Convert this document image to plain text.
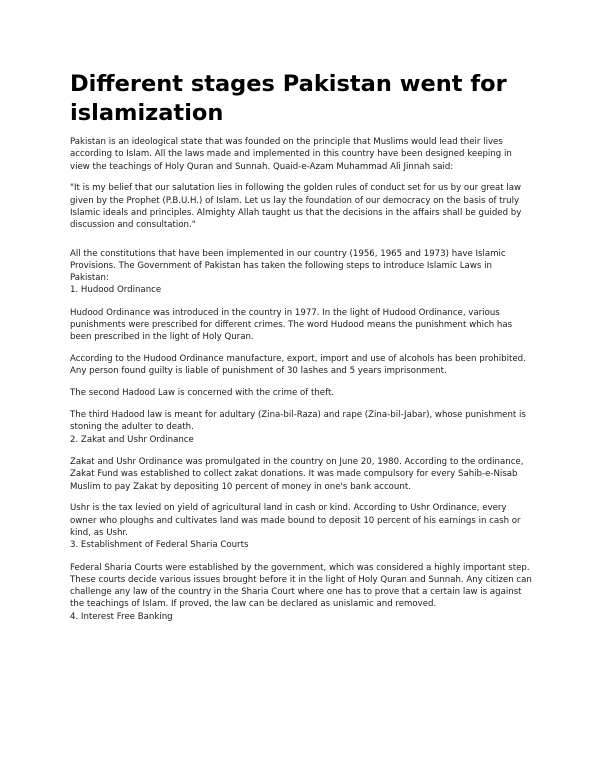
Different stages Pakistan went for islamization

Pakistan is an ideological state that was founded on the principle that Muslims would lead their lives according to Islam. All the laws made and implemented in this country have been designed keeping in view the teachings of Holy Quran and Sunnah. Quaid-e-Azam Muhammad Ali Jinnah said:

"It is my belief that our salutation lies in following the golden rules of conduct set for us by our great law given by the Prophet (P.B.U.H.) of Islam. Let us lay the foundation of our democracy on the basis of truly Islamic ideals and principles. Almighty Allah taught us that the decisions in the affairs shall be guided by discussion and consultation."

All the constitutions that have been implemented in our country (1956, 1965 and 1973) have Islamic Provisions. The Government of Pakistan has taken the following steps to introduce Islamic Laws in Pakistan:
1. Hudood Ordinance

Hudood Ordinance was introduced in the country in 1977. In the light of Hudood Ordinance, various punishments were prescribed for different crimes. The word Hudood means the punishment which has been prescribed in the light of Holy Quran.

According to the Hudood Ordinance manufacture, export, import and use of alcohols has been prohibited. Any person found guilty is liable of punishment of 30 lashes and 5 years imprisonment.

The second Hadood Law is concerned with the crime of theft.

The third Hadood law is meant for adultary (Zina-bil-Raza) and rape (Zina-bil-Jabar), whose punishment is stoning the adulter to death.
2. Zakat and Ushr Ordinance

Zakat and Ushr Ordinance was promulgated in the country on June 20, 1980. According to the ordinance, Zakat Fund was established to collect zakat donations. It was made compulsory for every Sahib-e-Nisab Muslim to pay Zakat by depositing 10 percent of money in one's bank account.

Ushr is the tax levied on yield of agricultural land in cash or kind. According to Ushr Ordinance, every owner who ploughs and cultivates land was made bound to deposit 10 percent of his earnings in cash or kind, as Ushr.
3. Establishment of Federal Sharia Courts

Federal Sharia Courts were established by the government, which was considered a highly important step. These courts decide various issues brought before it in the light of Holy Quran and Sunnah. Any citizen can challenge any law of the country in the Sharia Court where one has to prove that a certain law is against the teachings of Islam. If proved, the law can be declared as unislamic and removed.
4. Interest Free Banking
